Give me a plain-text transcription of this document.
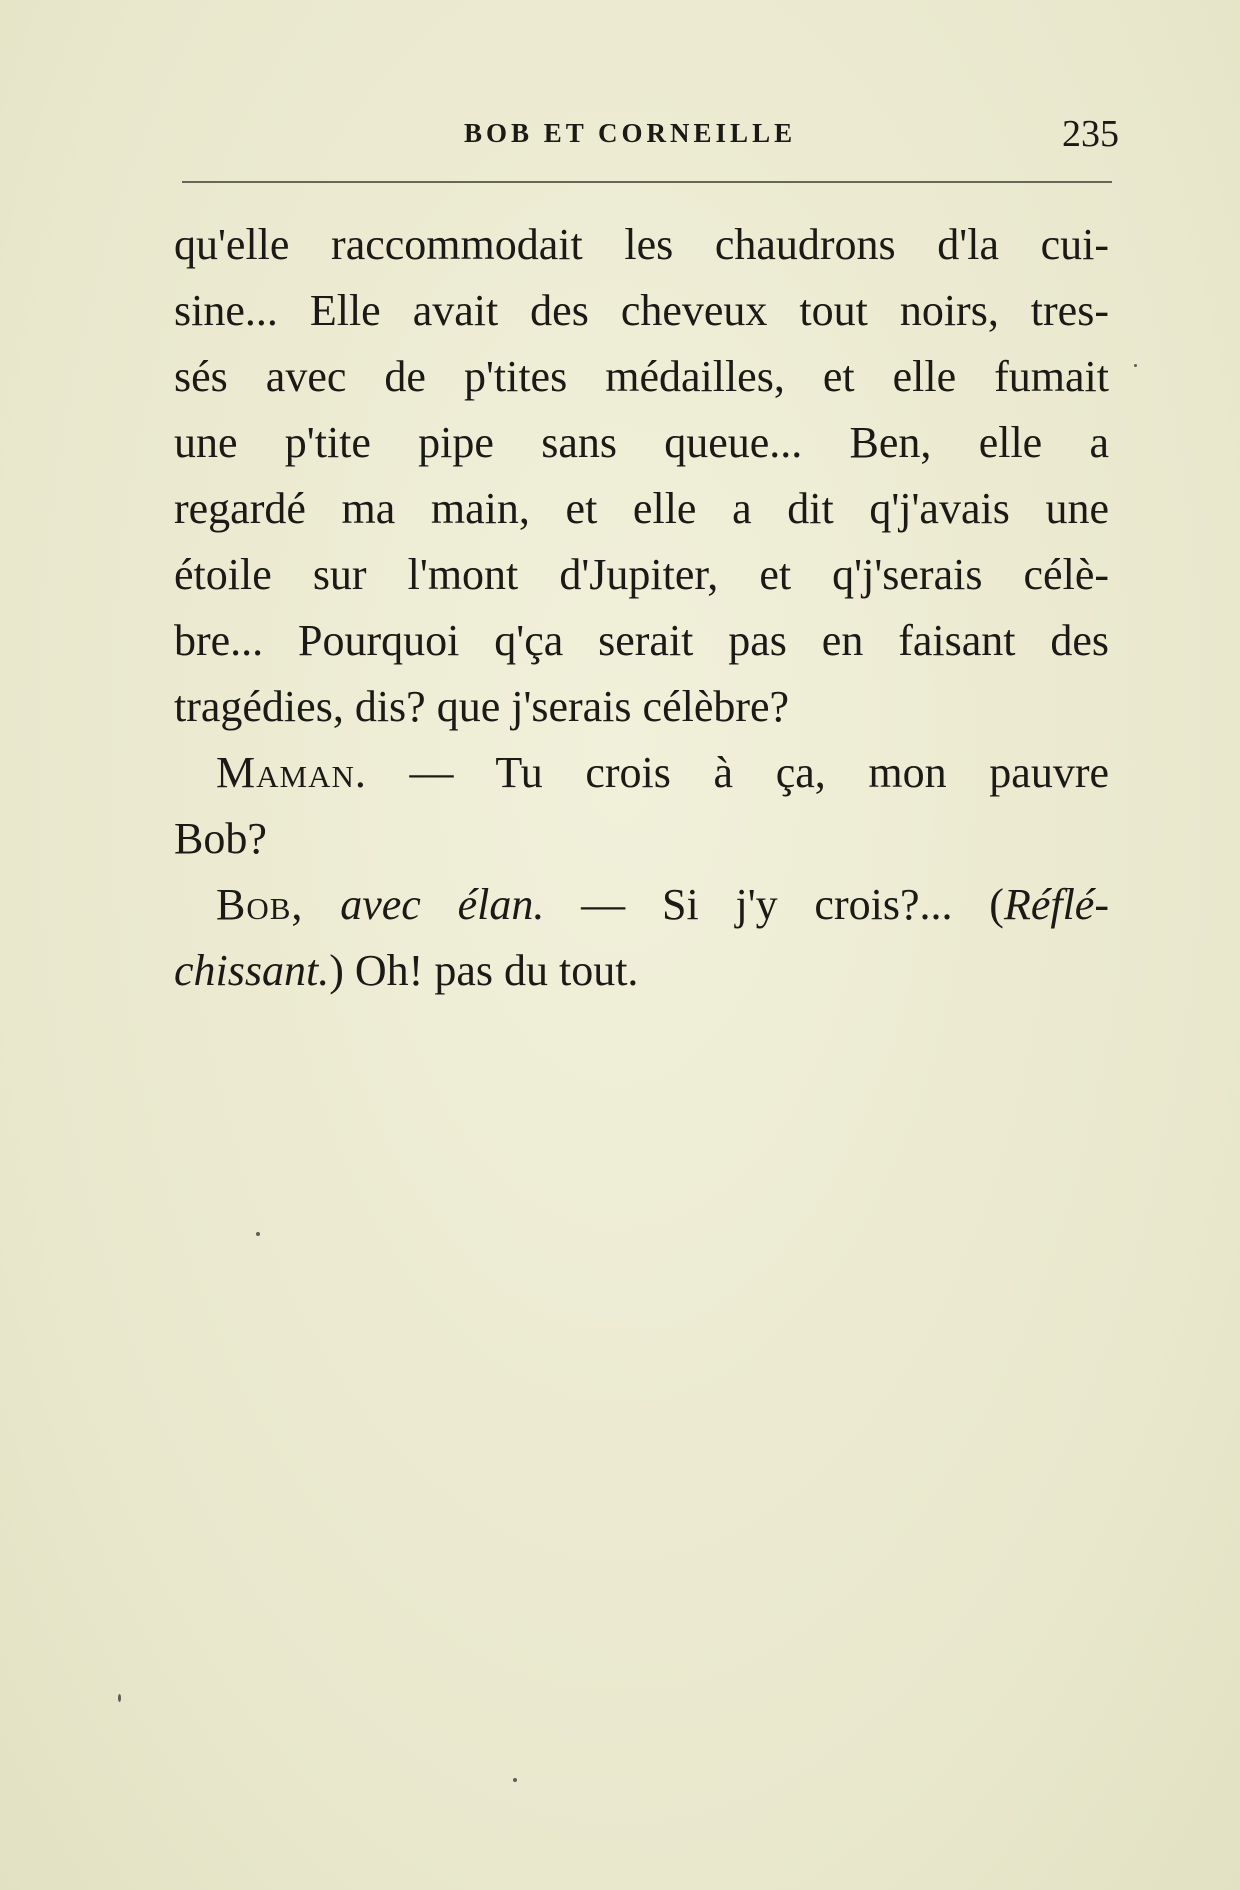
BOB ET CORNEILLE	235
qu'elle raccommodait les chaudrons d'la cui-
sine... Elle avait des cheveux tout noirs, tres-
sés avec de p'tites médailles, et elle fumait
une p'tite pipe sans queue... Ben, elle a
regardé ma main, et elle a dit q'j'avais une
étoile sur l'mont d'Jupiter, et q'j'serais célè-
bre... Pourquoi q'ça serait pas en faisant des
tragédies, dis? que j'serais célèbre?
Maman. — Tu crois à ça, mon pauvre
Bob?
Bob, avec élan. — Si j'y crois?... (Réflé-
chissant.) Oh! pas du tout.
